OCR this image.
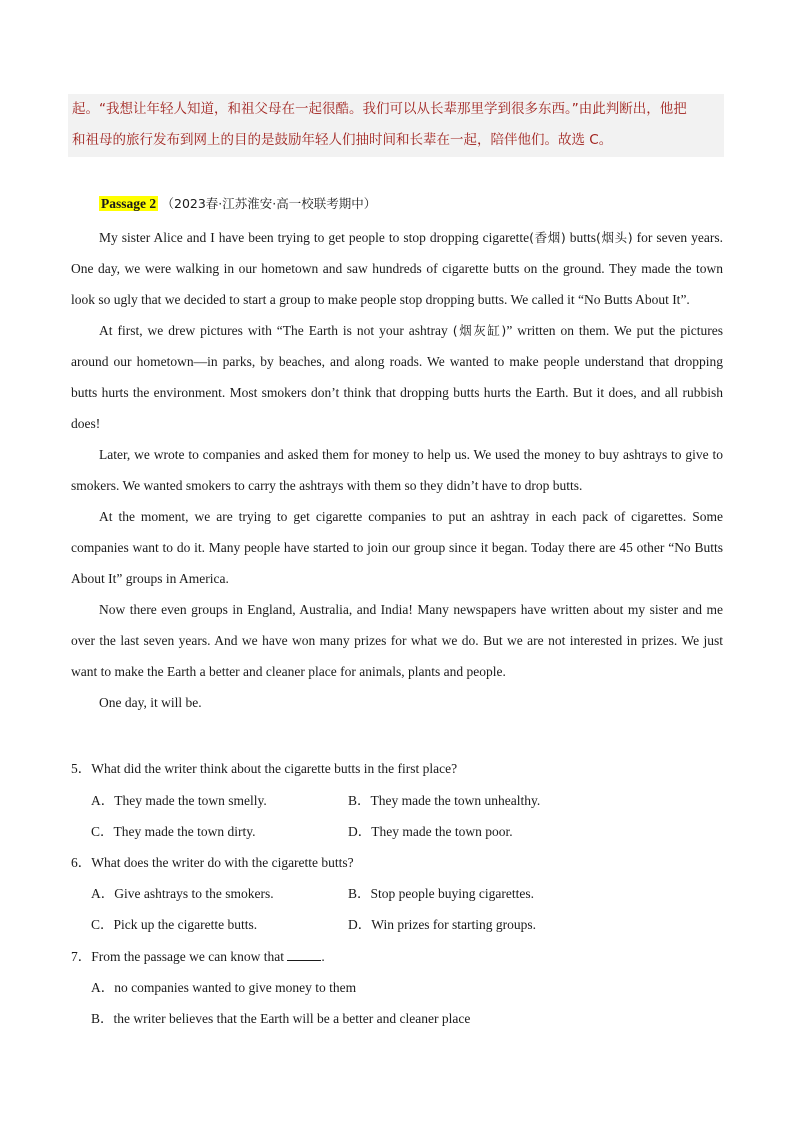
起。“我想让年轻人知道，和祖父母在一起很酷。我们可以从长辈那里学到很多东西。”由此判断出，他把
和祖母的旅行发布到网上的目的是鼓励年轻人们抽时间和长辈在一起，陪伴他们。故选 C。
Passage 2 （2023春·江苏淮安·高一校联考期中）

My sister Alice and I have been trying to get people to stop dropping cigarette(香烟) butts(烟头) for seven years. One day, we were walking in our hometown and saw hundreds of cigarette butts on the ground. They made the town look so ugly that we decided to start a group to make people stop dropping butts. We called it “No Butts About It”.

At first, we drew pictures with “The Earth is not your ashtray (烟灰缸)” written on them. We put the pictures around our hometown—in parks, by beaches, and along roads. We wanted to make people understand that dropping butts hurts the environment. Most smokers don’t think that dropping butts hurts the Earth. But it does, and all rubbish does!

Later, we wrote to companies and asked them for money to help us. We used the money to buy ashtrays to give to smokers. We wanted smokers to carry the ashtrays with them so they didn’t have to drop butts.

At the moment, we are trying to get cigarette companies to put an ashtray in each pack of cigarettes. Some companies want to do it. Many people have started to join our group since it began. Today there are 45 other “No Butts About It” groups in America.

Now there even groups in England, Australia, and India! Many newspapers have written about my sister and me over the last seven years. And we have won many prizes for what we do. But we are not interested in prizes. We just want to make the Earth a better and cleaner place for animals, plants and people.

One day, it will be.

5．What did the writer think about the cigarette butts in the first place?
A．They made the town smelly.	B．They made the town unhealthy.
C．They made the town dirty.	D．They made the town poor.
6．What does the writer do with the cigarette butts?
A．Give ashtrays to the smokers.	B．Stop people buying cigarettes.
C．Pick up the cigarette butts.	D．Win prizes for starting groups.
7．From the passage we can know that	.
A．no companies wanted to give money to them
B．the writer believes that the Earth will be a better and cleaner place
